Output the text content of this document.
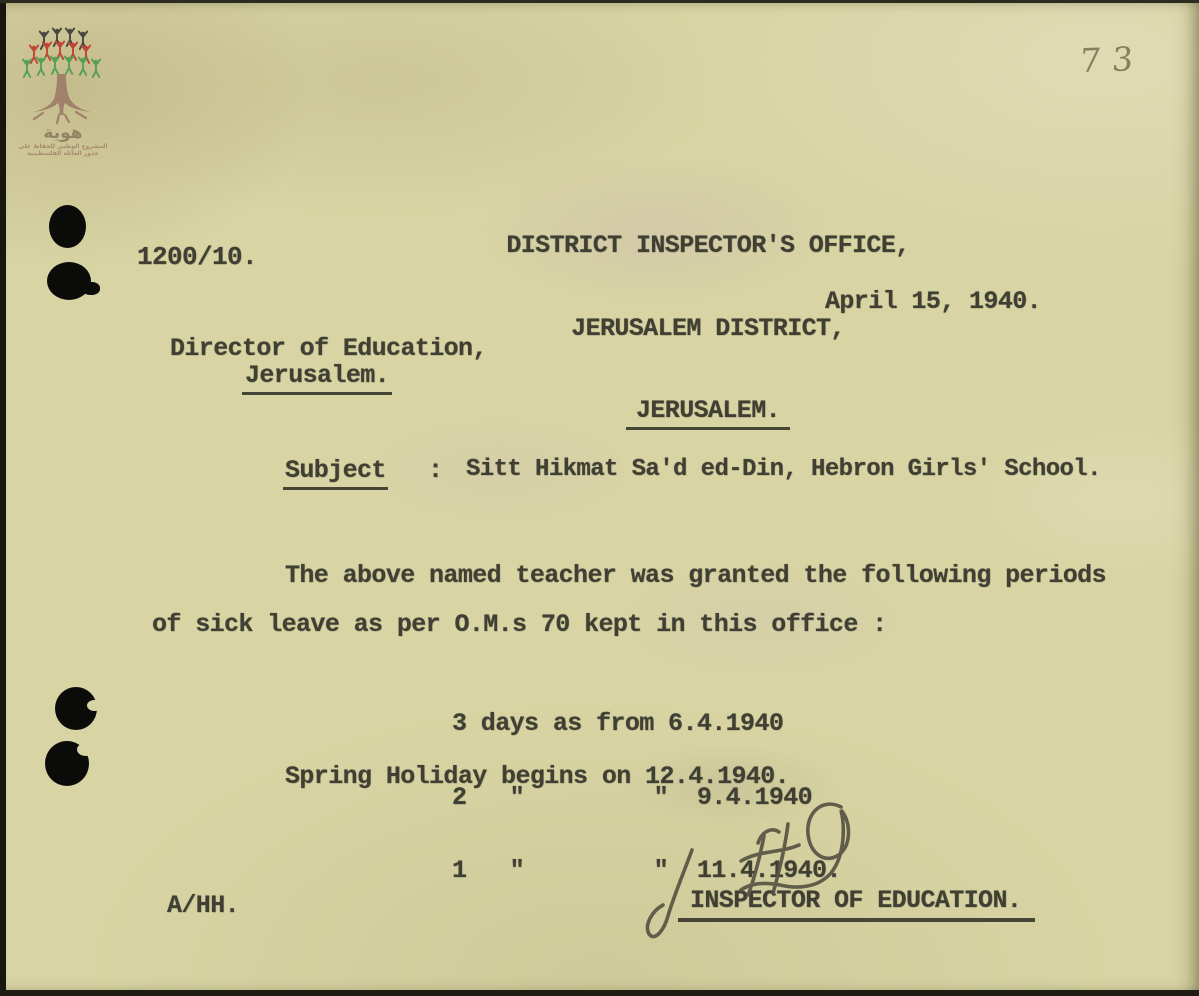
هوية
المشروع الوطني للحفاظ على
جذور العائلة الفلسطينية
73

DISTRICT INSPECTOR'S OFFICE,

JERUSALEM DISTRICT,

JERUSALEM.

1200/10.
April 15, 1940.
Director of Education,
Jerusalem.
Subject : Sitt Hikmat Sa'd ed-Din, Hebron Girls' School.
The above named teacher was granted the following periods
of sick leave as per O.M.s 70 kept in this office :

3 days as from 6.4.1940

2   "         "  9.4.1940

1   "         "  11.4.1940.

Spring Holiday begins on 12.4.1940.
INSPECTOR OF EDUCATION.
A/HH.
